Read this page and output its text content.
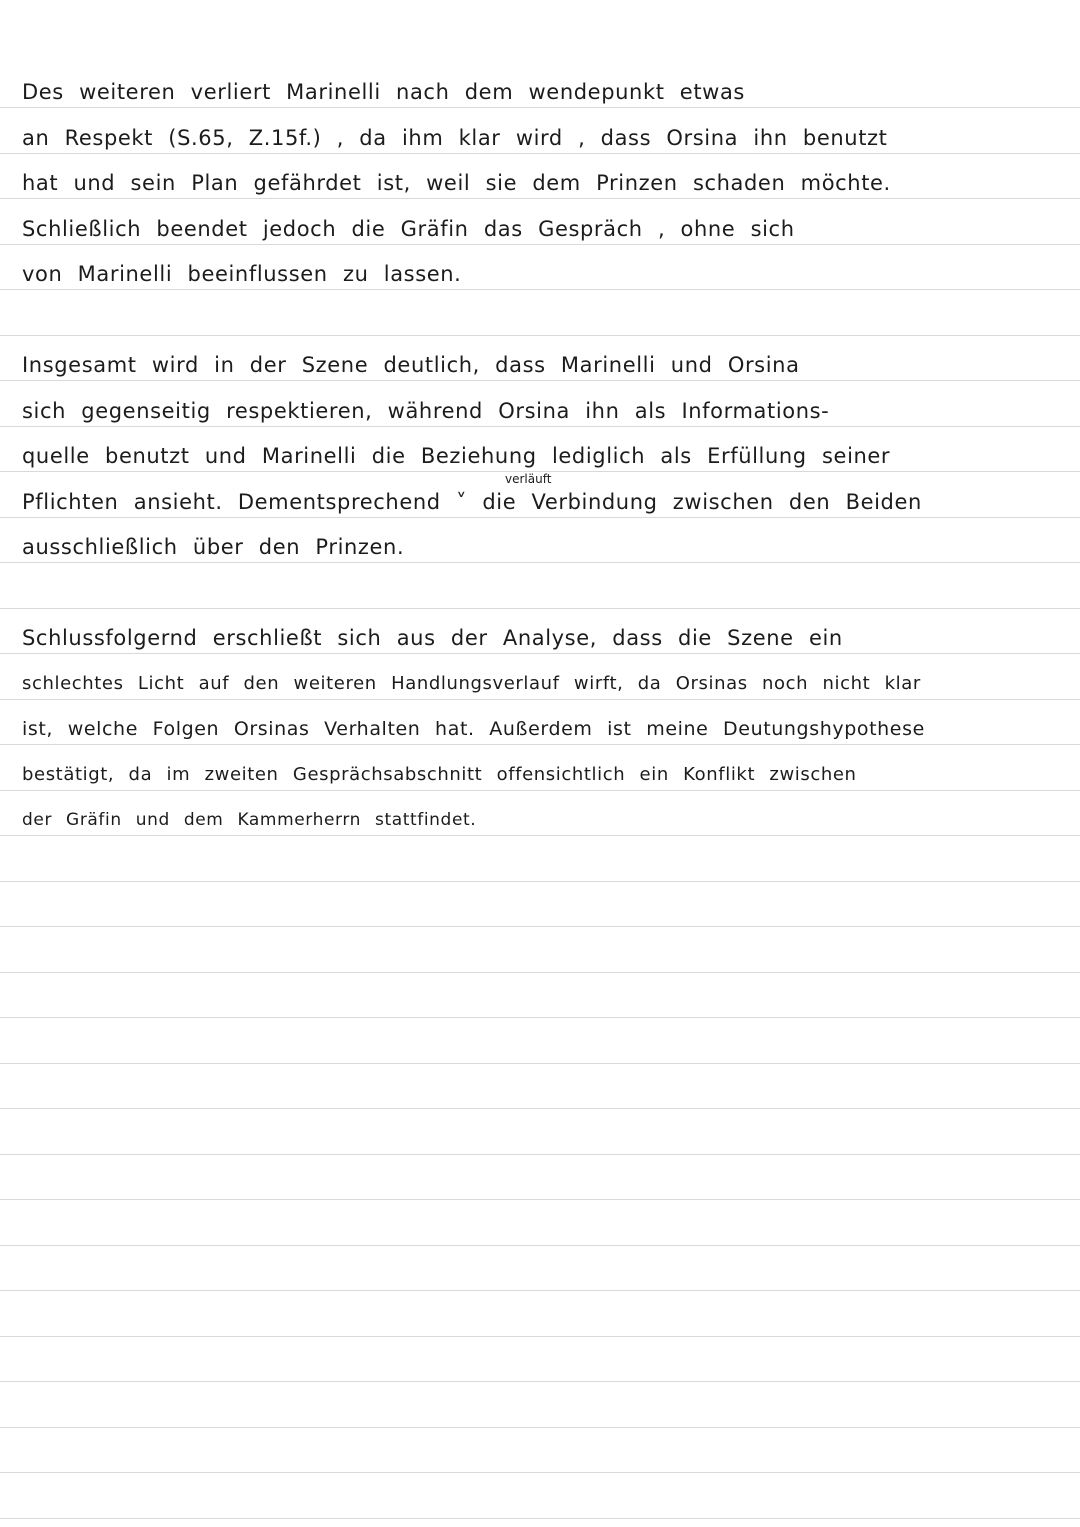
Des weiteren verliert Marinelli nach dem wendepunkt etwas
an Respekt (S.65, Z.15f.) , da ihm klar wird , dass Orsina ihn benutzt
hat und sein Plan gefährdet ist, weil sie dem Prinzen schaden möchte.
Schließlich beendet jedoch die Gräfin das Gespräch , ohne sich
von Marinelli beeinflussen zu lassen.
Insgesamt wird in der Szene deutlich, dass Marinelli und Orsina
sich gegenseitig respektieren, während Orsina ihn als Informations-
quelle benutzt und Marinelli die Beziehung lediglich als Erfüllung seiner
verläuft
Pflichten ansieht. Dementsprechend ˅ die Verbindung zwischen den Beiden
ausschließlich über den Prinzen.
Schlussfolgernd erschließt sich aus der Analyse, dass die Szene ein
schlechtes Licht auf den weiteren Handlungsverlauf wirft, da Orsinas noch nicht klar
ist, welche Folgen Orsinas Verhalten hat. Außerdem ist meine Deutungshypothese
bestätigt, da im zweiten Gesprächsabschnitt offensichtlich ein Konflikt zwischen
der Gräfin und dem Kammerherrn stattfindet.
